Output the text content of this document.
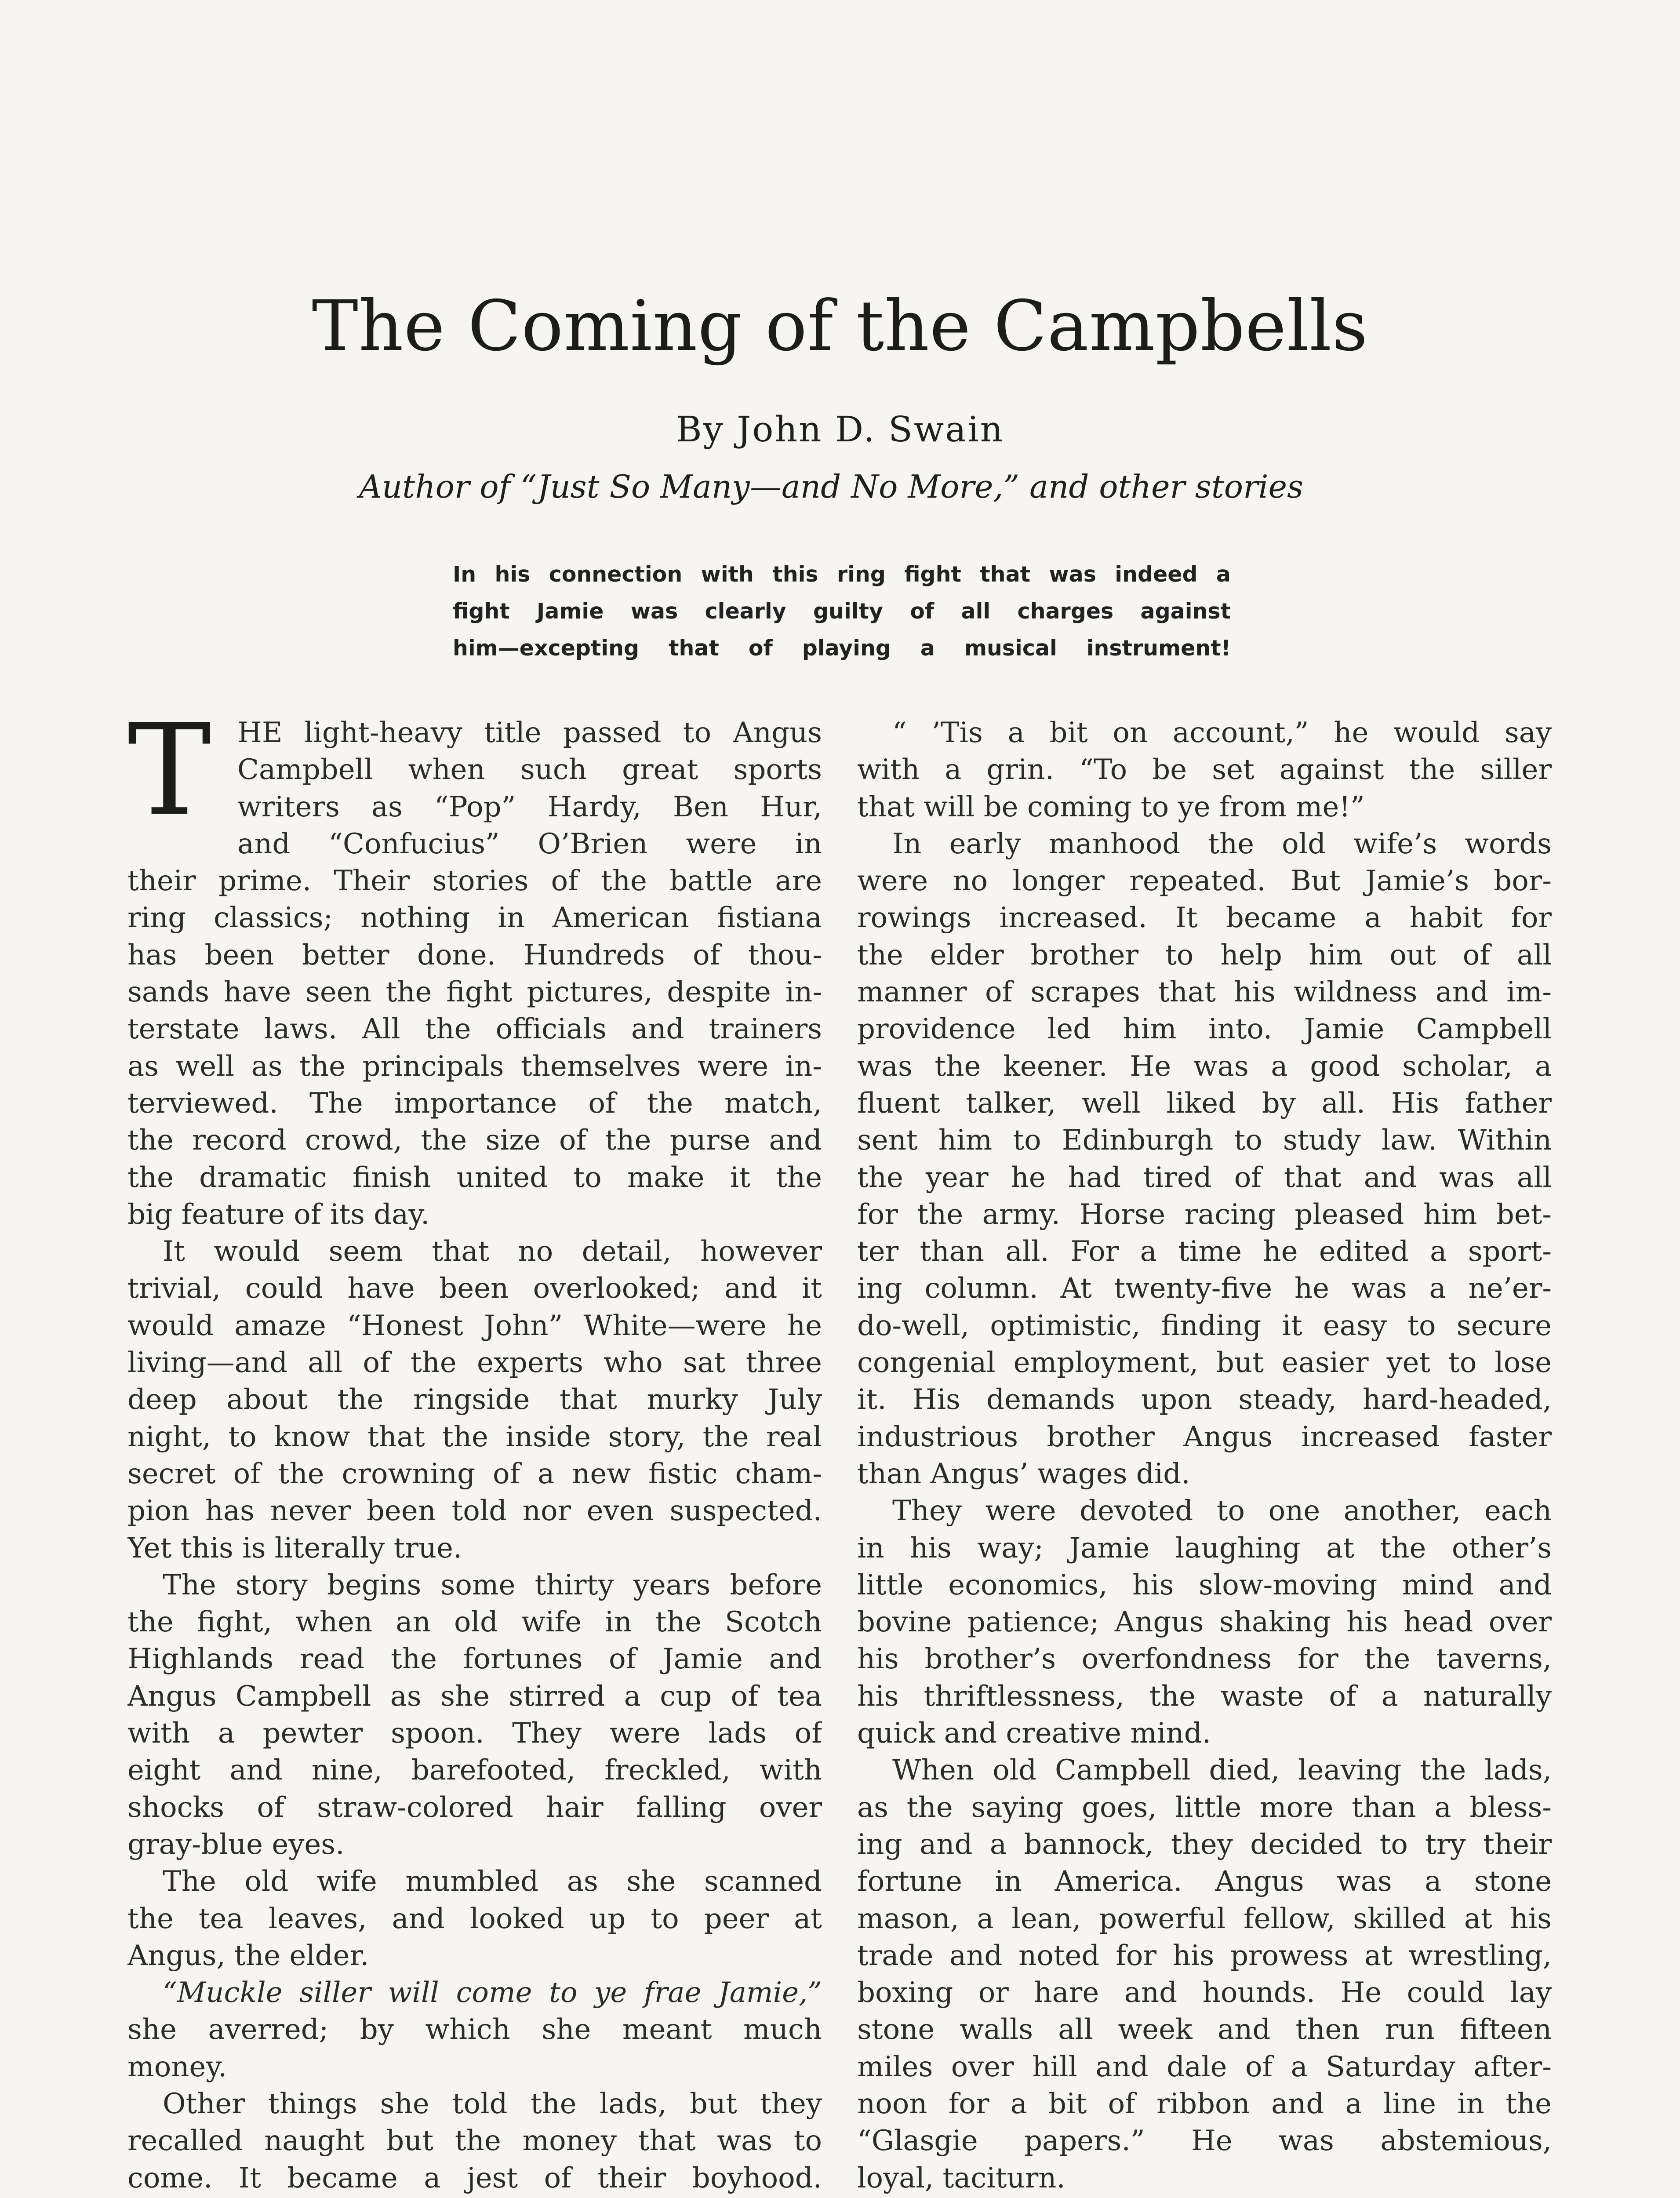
The Coming of the Campbells
By John D. Swain
Author of “Just So Many—and No More,” and other stories
In his connection with this ring fight that was indeed a
fight Jamie was clearly guilty of all charges against
him—excepting that of playing a musical instrument!
T HE light-heavy title passed to Angus
Campbell when such great sports
writers as “Pop” Hardy, Ben Hur,
and “Confucius” O’Brien were in
their prime. Their stories of the battle are
ring classics; nothing in American fistiana
has been better done. Hundreds of thou-
sands have seen the fight pictures, despite in-
terstate laws. All the officials and trainers
as well as the principals themselves were in-
terviewed. The importance of the match,
the record crowd, the size of the purse and
the dramatic finish united to make it the
big feature of its day.
It would seem that no detail, however
trivial, could have been overlooked; and it
would amaze “Honest John” White—were he
living—and all of the experts who sat three
deep about the ringside that murky July
night, to know that the inside story, the real
secret of the crowning of a new fistic cham-
pion has never been told nor even suspected.
Yet this is literally true.
The story begins some thirty years before
the fight, when an old wife in the Scotch
Highlands read the fortunes of Jamie and
Angus Campbell as she stirred a cup of tea
with a pewter spoon. They were lads of
eight and nine, barefooted, freckled, with
shocks of straw-colored hair falling over
gray-blue eyes.
The old wife mumbled as she scanned
the tea leaves, and looked up to peer at
Angus, the elder.
“Muckle siller will come to ye frae Jamie,”
she averred; by which she meant much
money.
Other things she told the lads, but they
recalled naught but the money that was to
come. It became a jest of their boyhood.
“ ’Tis a bit on account,” he would say
with a grin. “To be set against the siller
that will be coming to ye from me!”
In early manhood the old wife’s words
were no longer repeated. But Jamie’s bor-
rowings increased. It became a habit for
the elder brother to help him out of all
manner of scrapes that his wildness and im-
providence led him into. Jamie Campbell
was the keener. He was a good scholar, a
fluent talker, well liked by all. His father
sent him to Edinburgh to study law. Within
the year he had tired of that and was all
for the army. Horse racing pleased him bet-
ter than all. For a time he edited a sport-
ing column. At twenty-five he was a ne’er-
do-well, optimistic, finding it easy to secure
congenial employment, but easier yet to lose
it. His demands upon steady, hard-headed,
industrious brother Angus increased faster
than Angus’ wages did.
They were devoted to one another, each
in his way; Jamie laughing at the other’s
little economics, his slow-moving mind and
bovine patience; Angus shaking his head over
his brother’s overfondness for the taverns,
his thriftlessness, the waste of a naturally
quick and creative mind.
When old Campbell died, leaving the lads,
as the saying goes, little more than a bless-
ing and a bannock, they decided to try their
fortune in America. Angus was a stone
mason, a lean, powerful fellow, skilled at his
trade and noted for his prowess at wrestling,
boxing or hare and hounds. He could lay
stone walls all week and then run fifteen
miles over hill and dale of a Saturday after-
noon for a bit of ribbon and a line in the
“Glasgie papers.” He was abstemious,
loyal, taciturn.
